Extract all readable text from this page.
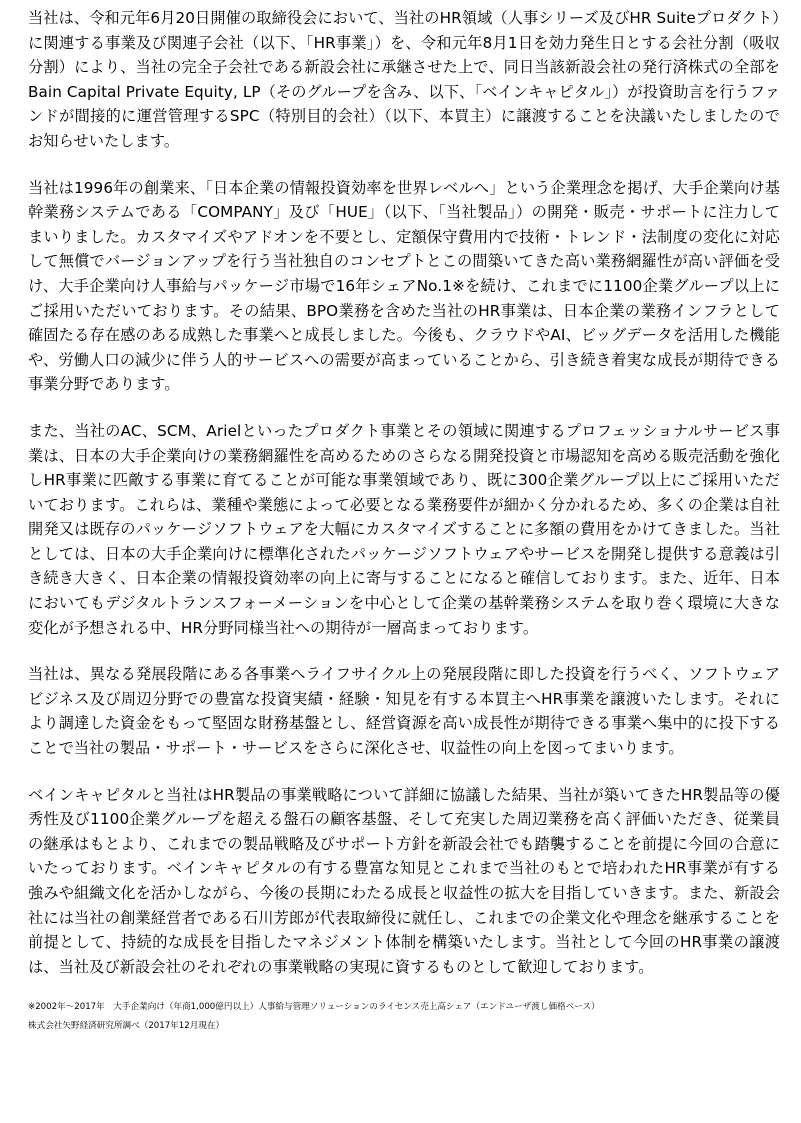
当社は、令和元年6月20日開催の取締役会において、当社のHR領域（人事シリーズ及びHR Suiteプロダクト）に関連する事業及び関連子会社（以下、「HR事業」）を、令和元年8月1日を効力発生日とする会社分割（吸収分割）により、当社の完全子会社である新設会社に承継させた上で、同日当該新設会社の発行済株式の全部をBain Capital Private Equity, LP（そのグループを含み、以下、「ベインキャピタル」）が投資助言を行うファンドが間接的に運営管理するSPC（特別目的会社）（以下、本買主）に譲渡することを決議いたしましたのでお知らせいたします。

当社は1996年の創業来、「日本企業の情報投資効率を世界レベルへ」という企業理念を掲げ、大手企業向け基幹業務システムである「COMPANY」及び「HUE」（以下、「当社製品」）の開発・販売・サポートに注力してまいりました。カスタマイズやアドオンを不要とし、定額保守費用内で技術・トレンド・法制度の変化に対応して無償でバージョンアップを行う当社独自のコンセプトとこの間築いてきた高い業務網羅性が高い評価を受け、大手企業向け人事給与パッケージ市場で16年シェアNo.1※を続け、これまでに1100企業グループ以上にご採用いただいております。その結果、BPO業務を含めた当社のHR事業は、日本企業の業務インフラとして確固たる存在感のある成熟した事業へと成長しました。今後も、クラウドやAI、ビッグデータを活用した機能や、労働人口の減少に伴う人的サービスへの需要が高まっていることから、引き続き着実な成長が期待できる事業分野であります。

また、当社のAC、SCM、Arielといったプロダクト事業とその領域に関連するプロフェッショナルサービス事業は、日本の大手企業向けの業務網羅性を高めるためのさらなる開発投資と市場認知を高める販売活動を強化しHR事業に匹敵する事業に育てることが可能な事業領域であり、既に300企業グループ以上にご採用いただいております。これらは、業種や業態によって必要となる業務要件が細かく分かれるため、多くの企業は自社開発又は既存のパッケージソフトウェアを大幅にカスタマイズすることに多額の費用をかけてきました。当社としては、日本の大手企業向けに標準化されたパッケージソフトウェアやサービスを開発し提供する意義は引き続き大きく、日本企業の情報投資効率の向上に寄与することになると確信しております。また、近年、日本においてもデジタルトランスフォーメーションを中心として企業の基幹業務システムを取り巻く環境に大きな変化が予想される中、HR分野同様当社への期待が一層高まっております。

当社は、異なる発展段階にある各事業へライフサイクル上の発展段階に即した投資を行うべく、ソフトウェアビジネス及び周辺分野での豊富な投資実績・経験・知見を有する本買主へHR事業を譲渡いたします。それにより調達した資金をもって堅固な財務基盤とし、経営資源を高い成長性が期待できる事業へ集中的に投下することで当社の製品・サポート・サービスをさらに深化させ、収益性の向上を図ってまいります。

ベインキャピタルと当社はHR製品の事業戦略について詳細に協議した結果、当社が築いてきたHR製品等の優秀性及び1100企業グループを超える盤石の顧客基盤、そして充実した周辺業務を高く評価いただき、従業員の継承はもとより、これまでの製品戦略及びサポート方針を新設会社でも踏襲することを前提に今回の合意にいたっております。ベインキャピタルの有する豊富な知見とこれまで当社のもとで培われたHR事業が有する強みや組織文化を活かしながら、今後の長期にわたる成長と収益性の拡大を目指していきます。また、新設会社には当社の創業経営者である石川芳郎が代表取締役に就任し、これまでの企業文化や理念を継承することを前提として、持続的な成長を目指したマネジメント体制を構築いたします。当社として今回のHR事業の譲渡は、当社及び新設会社のそれぞれの事業戦略の実現に資するものとして歓迎しております。

※2002年～2017年　大手企業向け（年商1,000億円以上）人事給与管理ソリューションのライセンス売上高シェア（エンドユーザ渡し価格ベース）

株式会社矢野経済研究所調べ（2017年12月現在）
